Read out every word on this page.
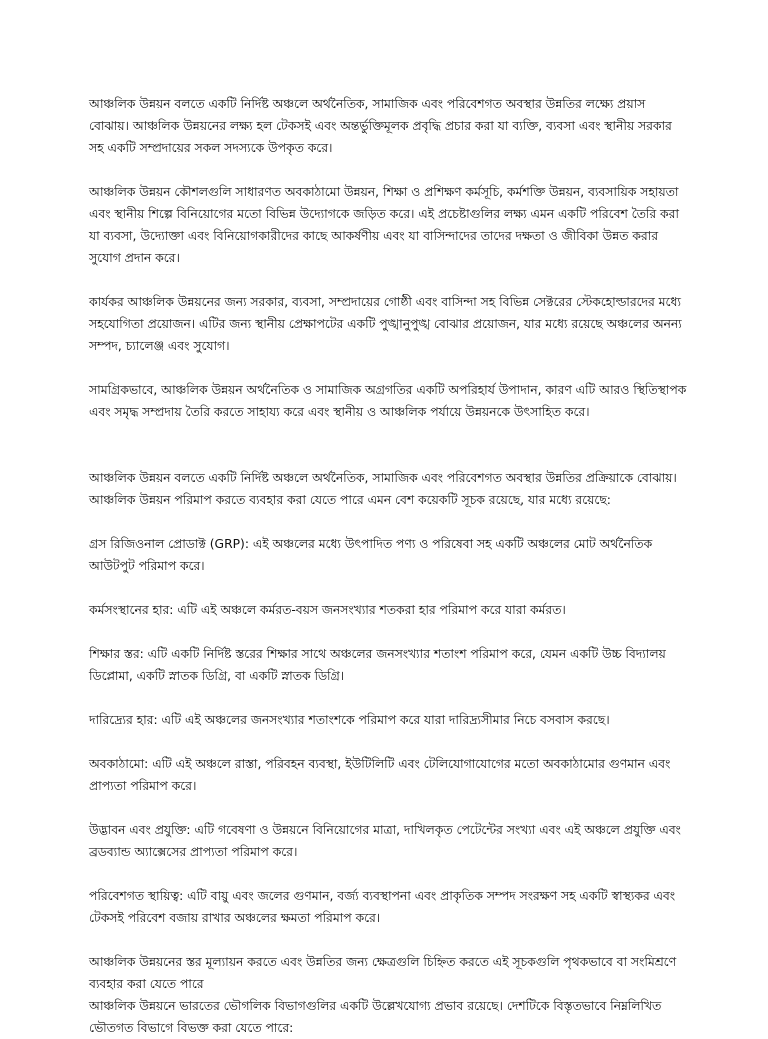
আঞ্চলিক উন্নয়ন বলতে একটি নির্দিষ্ট অঞ্চলে অর্থনৈতিক, সামাজিক এবং পরিবেশগত অবস্থার উন্নতির লক্ষ্যে প্রয়াস বোঝায়। আঞ্চলিক উন্নয়নের লক্ষ্য হল টেকসই এবং অন্তর্ভুক্তিমূলক প্রবৃদ্ধি প্রচার করা যা ব্যক্তি, ব্যবসা এবং স্থানীয় সরকার সহ একটি সম্প্রদায়ের সকল সদস্যকে উপকৃত করে।

আঞ্চলিক উন্নয়ন কৌশলগুলি সাধারণত অবকাঠামো উন্নয়ন, শিক্ষা ও প্রশিক্ষণ কর্মসূচি, কর্মশক্তি উন্নয়ন, ব্যবসায়িক সহায়তা এবং স্থানীয় শিল্পে বিনিয়োগের মতো বিভিন্ন উদ্যোগকে জড়িত করে। এই প্রচেষ্টাগুলির লক্ষ্য এমন একটি পরিবেশ তৈরি করা যা ব্যবসা, উদ্যোক্তা এবং বিনিয়োগকারীদের কাছে আকর্ষণীয় এবং যা বাসিন্দাদের তাদের দক্ষতা ও জীবিকা উন্নত করার সুযোগ প্রদান করে।

কার্যকর আঞ্চলিক উন্নয়নের জন্য সরকার, ব্যবসা, সম্প্রদায়ের গোষ্ঠী এবং বাসিন্দা সহ বিভিন্ন সেক্টরের স্টেকহোল্ডারদের মধ্যে সহযোগিতা প্রয়োজন। এটির জন্য স্থানীয় প্রেক্ষাপটের একটি পুঙ্খানুপুঙ্খ বোঝার প্রয়োজন, যার মধ্যে রয়েছে অঞ্চলের অনন্য সম্পদ, চ্যালেঞ্জ এবং সুযোগ।

সামগ্রিকভাবে, আঞ্চলিক উন্নয়ন অর্থনৈতিক ও সামাজিক অগ্রগতির একটি অপরিহার্য উপাদান, কারণ এটি আরও স্থিতিস্থাপক এবং সমৃদ্ধ সম্প্রদায় তৈরি করতে সাহায্য করে এবং স্থানীয় ও আঞ্চলিক পর্যায়ে উন্নয়নকে উৎসাহিত করে।

আঞ্চলিক উন্নয়ন বলতে একটি নির্দিষ্ট অঞ্চলে অর্থনৈতিক, সামাজিক এবং পরিবেশগত অবস্থার উন্নতির প্রক্রিয়াকে বোঝায়। আঞ্চলিক উন্নয়ন পরিমাপ করতে ব্যবহার করা যেতে পারে এমন বেশ কয়েকটি সূচক রয়েছে, যার মধ্যে রয়েছে:

গ্রস রিজিওনাল প্রোডাক্ট (GRP): এই অঞ্চলের মধ্যে উৎপাদিত পণ্য ও পরিষেবা সহ একটি অঞ্চলের মোট অর্থনৈতিক আউটপুট পরিমাপ করে।

কর্মসংস্থানের হার: এটি এই অঞ্চলে কর্মরত-বয়স জনসংখ্যার শতকরা হার পরিমাপ করে যারা কর্মরত।

শিক্ষার স্তর: এটি একটি নির্দিষ্ট স্তরের শিক্ষার সাথে অঞ্চলের জনসংখ্যার শতাংশ পরিমাপ করে, যেমন একটি উচ্চ বিদ্যালয় ডিপ্লোমা, একটি স্নাতক ডিগ্রি, বা একটি স্নাতক ডিগ্রি।

দারিদ্র্যের হার: এটি এই অঞ্চলের জনসংখ্যার শতাংশকে পরিমাপ করে যারা দারিদ্র্যসীমার নিচে বসবাস করছে।

অবকাঠামো: এটি এই অঞ্চলে রাস্তা, পরিবহন ব্যবস্থা, ইউটিলিটি এবং টেলিযোগাযোগের মতো অবকাঠামোর গুণমান এবং প্রাপ্যতা পরিমাপ করে।

উদ্ভাবন এবং প্রযুক্তি: এটি গবেষণা ও উন্নয়নে বিনিয়োগের মাত্রা, দাখিলকৃত পেটেন্টের সংখ্যা এবং এই অঞ্চলে প্রযুক্তি এবং ব্রডব্যান্ড অ্যাক্সেসের প্রাপ্যতা পরিমাপ করে।

পরিবেশগত স্থায়িত্ব: এটি বায়ু এবং জলের গুণমান, বর্জ্য ব্যবস্থাপনা এবং প্রাকৃতিক সম্পদ সংরক্ষণ সহ একটি স্বাস্থ্যকর এবং টেকসই পরিবেশ বজায় রাখার অঞ্চলের ক্ষমতা পরিমাপ করে।

আঞ্চলিক উন্নয়নের স্তর মূল্যায়ন করতে এবং উন্নতির জন্য ক্ষেত্রগুলি চিহ্নিত করতে এই সূচকগুলি পৃথকভাবে বা সংমিশ্রণে ব্যবহার করা যেতে পারে

আঞ্চলিক উন্নয়নে ভারতের ভৌগলিক বিভাগগুলির একটি উল্লেখযোগ্য প্রভাব রয়েছে। দেশটিকে বিস্তৃতভাবে নিম্নলিখিত ভৌতগত বিভাগে বিভক্ত করা যেতে পারে:
